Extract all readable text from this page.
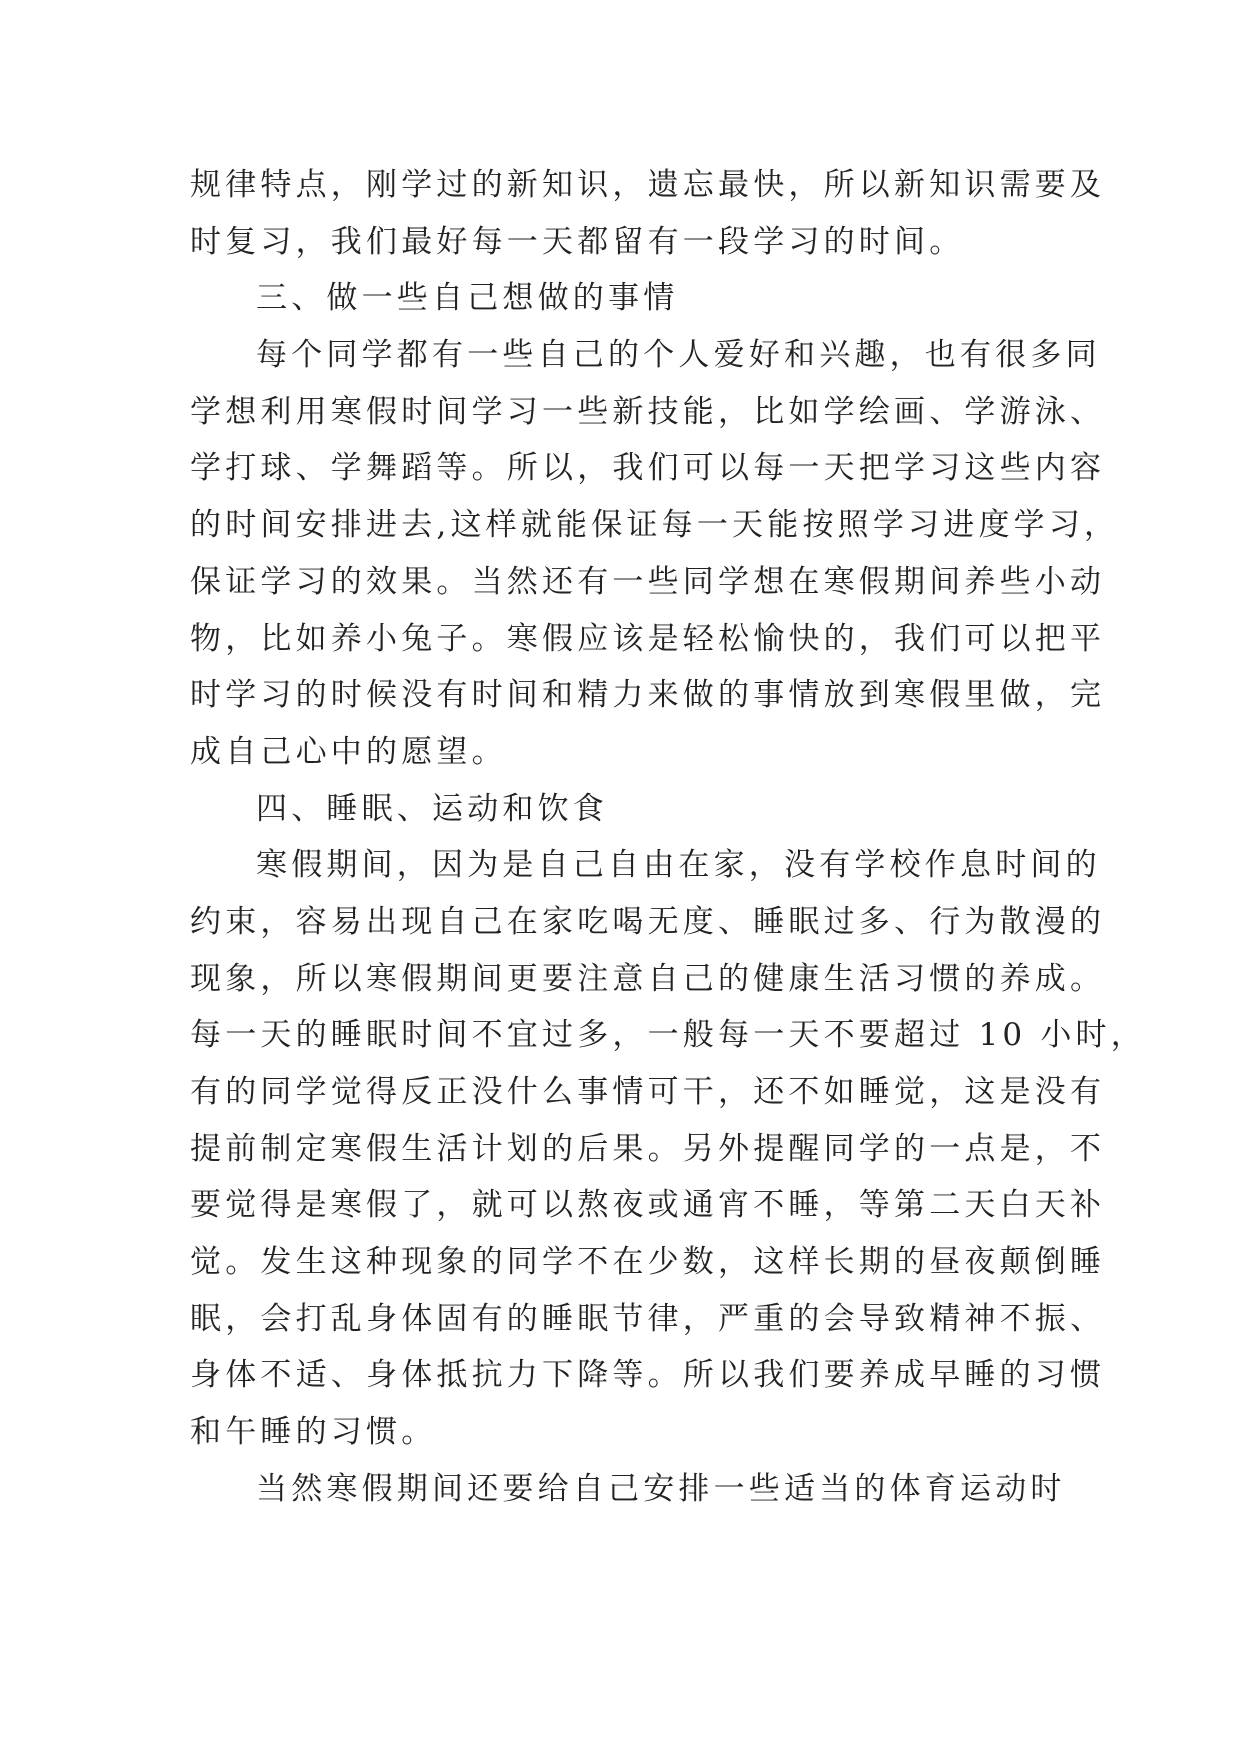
规律特点，刚学过的新知识，遗忘最快，所以新知识需要及
时复习，我们最好每一天都留有一段学习的时间。
三、做一些自己想做的事情
每个同学都有一些自己的个人爱好和兴趣，也有很多同
学想利用寒假时间学习一些新技能，比如学绘画、学游泳、
学打球、学舞蹈等。所以，我们可以每一天把学习这些内容
的时间安排进去,这样就能保证每一天能按照学习进度学习，
保证学习的效果。当然还有一些同学想在寒假期间养些小动
物，比如养小兔子。寒假应该是轻松愉快的，我们可以把平
时学习的时候没有时间和精力来做的事情放到寒假里做，完
成自己心中的愿望。
四、睡眠、运动和饮食
寒假期间，因为是自己自由在家，没有学校作息时间的
约束，容易出现自己在家吃喝无度、睡眠过多、行为散漫的
现象，所以寒假期间更要注意自己的健康生活习惯的养成。
每一天的睡眠时间不宜过多，一般每一天不要超过 10 小时，
有的同学觉得反正没什么事情可干，还不如睡觉，这是没有
提前制定寒假生活计划的后果。另外提醒同学的一点是，不
要觉得是寒假了，就可以熬夜或通宵不睡，等第二天白天补
觉。发生这种现象的同学不在少数，这样长期的昼夜颠倒睡
眠，会打乱身体固有的睡眠节律，严重的会导致精神不振、
身体不适、身体抵抗力下降等。所以我们要养成早睡的习惯
和午睡的习惯。
当然寒假期间还要给自己安排一些适当的体育运动时
